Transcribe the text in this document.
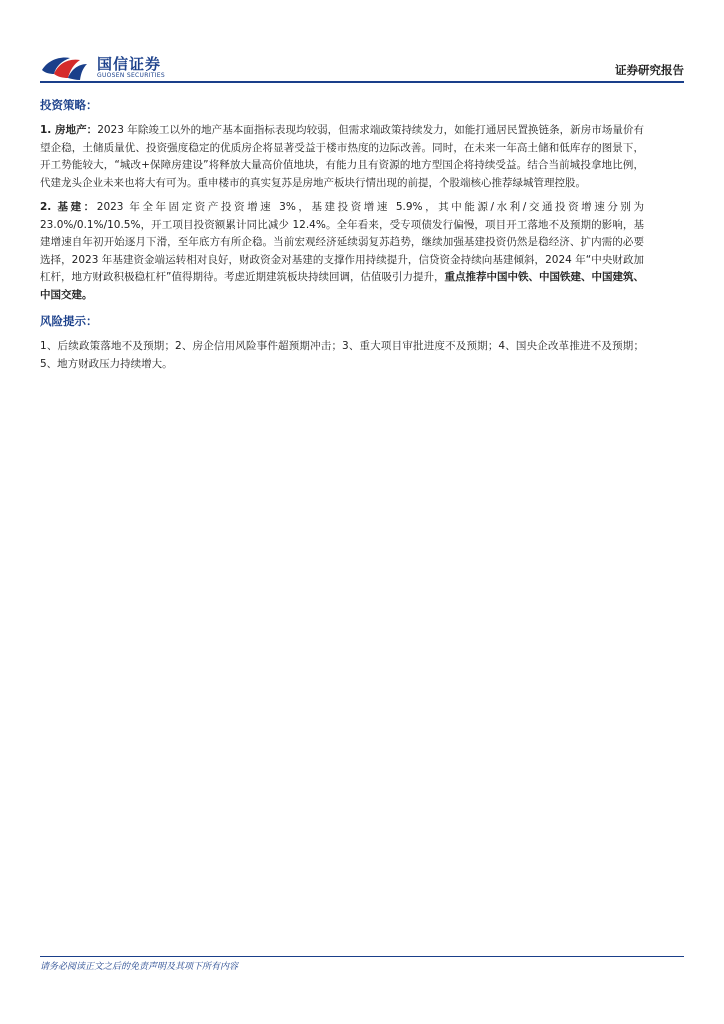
国信证券
GUOSEN SECURITIES	证券研究报告
投资策略：

1. 房地产：2023 年除竣工以外的地产基本面指标表现均较弱，但需求端政策持续发力，如能打通居民置换链条，新房市场量价有望企稳，土储质量优、投资强度稳定的优质房企将显著受益于楼市热度的边际改善。同时，在未来一年高土储和低库存的图景下，开工势能较大，“城改+保障房建设”将释放大量高价值地块，有能力且有资源的地方型国企将持续受益。结合当前城投拿地比例，代建龙头企业未来也将大有可为。重申楼市的真实复苏是房地产板块行情出现的前提，个股端核心推荐绿城管理控股。

2. 基建：2023 年全年固定资产投资增速 3%，基建投资增速 5.9%，其中能源/水利/交通投资增速分别为 23.0%/0.1%/10.5%，开工项目投资额累计同比减少 12.4%。全年看来，受专项债发行偏慢，项目开工落地不及预期的影响，基建增速自年初开始逐月下滑，至年底方有所企稳。当前宏观经济延续弱复苏趋势，继续加强基建投资仍然是稳经济、扩内需的必要选择，2023 年基建资金端运转相对良好，财政资金对基建的支撑作用持续提升，信贷资金持续向基建倾斜，2024 年“中央财政加杠杆，地方财政积极稳杠杆”值得期待。考虑近期建筑板块持续回调，估值吸引力提升，重点推荐中国中铁、中国铁建、中国建筑、中国交建。

风险提示：

1、后续政策落地不及预期；2、房企信用风险事件超预期冲击；3、重大项目审批进度不及预期；4、国央企改革推进不及预期；5、地方财政压力持续增大。

请务必阅读正文之后的免责声明及其项下所有内容
